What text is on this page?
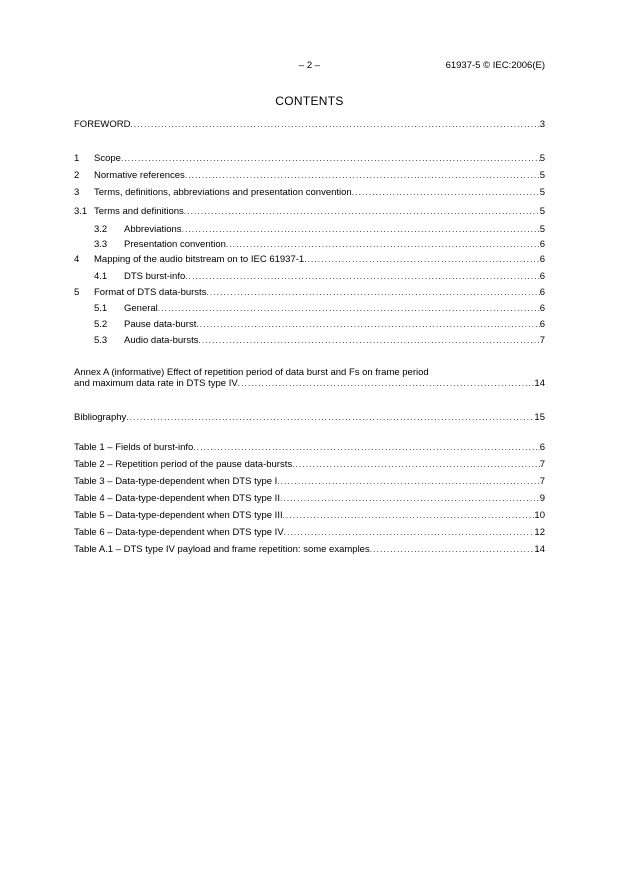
– 2 –	61937-5 © IEC:2006(E)
CONTENTS
FOREWORD .....	3
1	Scope .....	5
2	Normative references .....	5
3	Terms, definitions, abbreviations and presentation convention .....	5
3.1 Terms and definitions .....	5
3.2	Abbreviations .....	5
3.3	Presentation convention .....	6
4	Mapping of the audio bitstream on to IEC 61937-1 .....	6
4.1	DTS burst-info .....	6
5	Format of DTS data-bursts .....	6
5.1	General .....	6
5.2	Pause data-burst .....	6
5.3	Audio data-bursts .....	7
Annex A (informative) Effect of repetition period of data burst and Fs on frame period
and maximum data rate in DTS type IV .....	14
Bibliography .....	15
Table 1 – Fields of burst-info .....	6
Table 2 – Repetition period of the pause data-bursts .....	7
Table 3 – Data-type-dependent when DTS type I .....	7
Table 4 – Data-type-dependent when DTS type II .....	9
Table 5 – Data-type-dependent when DTS type III .....	10
Table 6 – Data-type-dependent when DTS type IV .....	12
Table A.1 – DTS type IV payload and frame repetition: some examples .....	14
